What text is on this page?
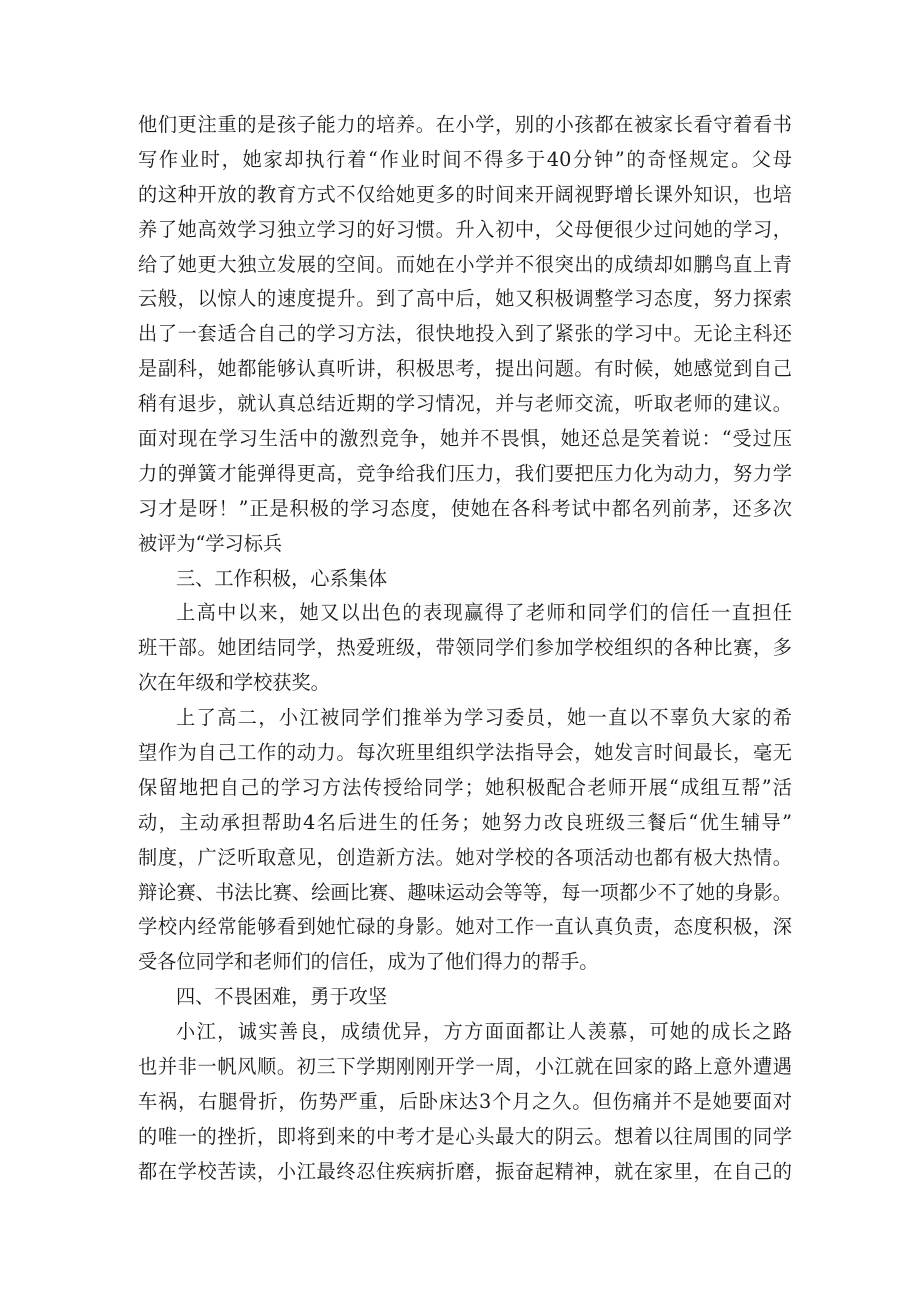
他们更注重的是孩子能力的培养。在小学，别的小孩都在被家长看守着看书
写作业时，她家却执行着“作业时间不得多于40分钟”的奇怪规定。父母
的这种开放的教育方式不仅给她更多的时间来开阔视野增长课外知识，也培
养了她高效学习独立学习的好习惯。升入初中，父母便很少过问她的学习，
给了她更大独立发展的空间。而她在小学并不很突出的成绩却如鹏鸟直上青
云般，以惊人的速度提升。到了高中后，她又积极调整学习态度，努力探索
出了一套适合自己的学习方法，很快地投入到了紧张的学习中。无论主科还
是副科，她都能够认真听讲，积极思考，提出问题。有时候，她感觉到自己
稍有退步，就认真总结近期的学习情况，并与老师交流，听取老师的建议。
面对现在学习生活中的激烈竞争，她并不畏惧，她还总是笑着说：“受过压
力的弹簧才能弹得更高，竞争给我们压力，我们要把压力化为动力，努力学
习才是呀！”正是积极的学习态度，使她在各科考试中都名列前茅，还多次
被评为“学习标兵
三、工作积极，心系集体
上高中以来，她又以出色的表现赢得了老师和同学们的信任一直担任
班干部。她团结同学，热爱班级，带领同学们参加学校组织的各种比赛，多
次在年级和学校获奖。
上了高二，小江被同学们推举为学习委员，她一直以不辜负大家的希
望作为自己工作的动力。每次班里组织学法指导会，她发言时间最长，毫无
保留地把自己的学习方法传授给同学；她积极配合老师开展“成组互帮”活
动，主动承担帮助4名后进生的任务；她努力改良班级三餐后“优生辅导”
制度，广泛听取意见，创造新方法。她对学校的各项活动也都有极大热情。
辩论赛、书法比赛、绘画比赛、趣味运动会等等，每一项都少不了她的身影。
学校内经常能够看到她忙碌的身影。她对工作一直认真负责，态度积极，深
受各位同学和老师们的信任，成为了他们得力的帮手。
四、不畏困难，勇于攻坚
小江，诚实善良，成绩优异，方方面面都让人羡慕，可她的成长之路
也并非一帆风顺。初三下学期刚刚开学一周，小江就在回家的路上意外遭遇
车祸，右腿骨折，伤势严重，后卧床达3个月之久。但伤痛并不是她要面对
的唯一的挫折，即将到来的中考才是心头最大的阴云。想着以往周围的同学
都在学校苦读，小江最终忍住疾病折磨，振奋起精神，就在家里，在自己的
